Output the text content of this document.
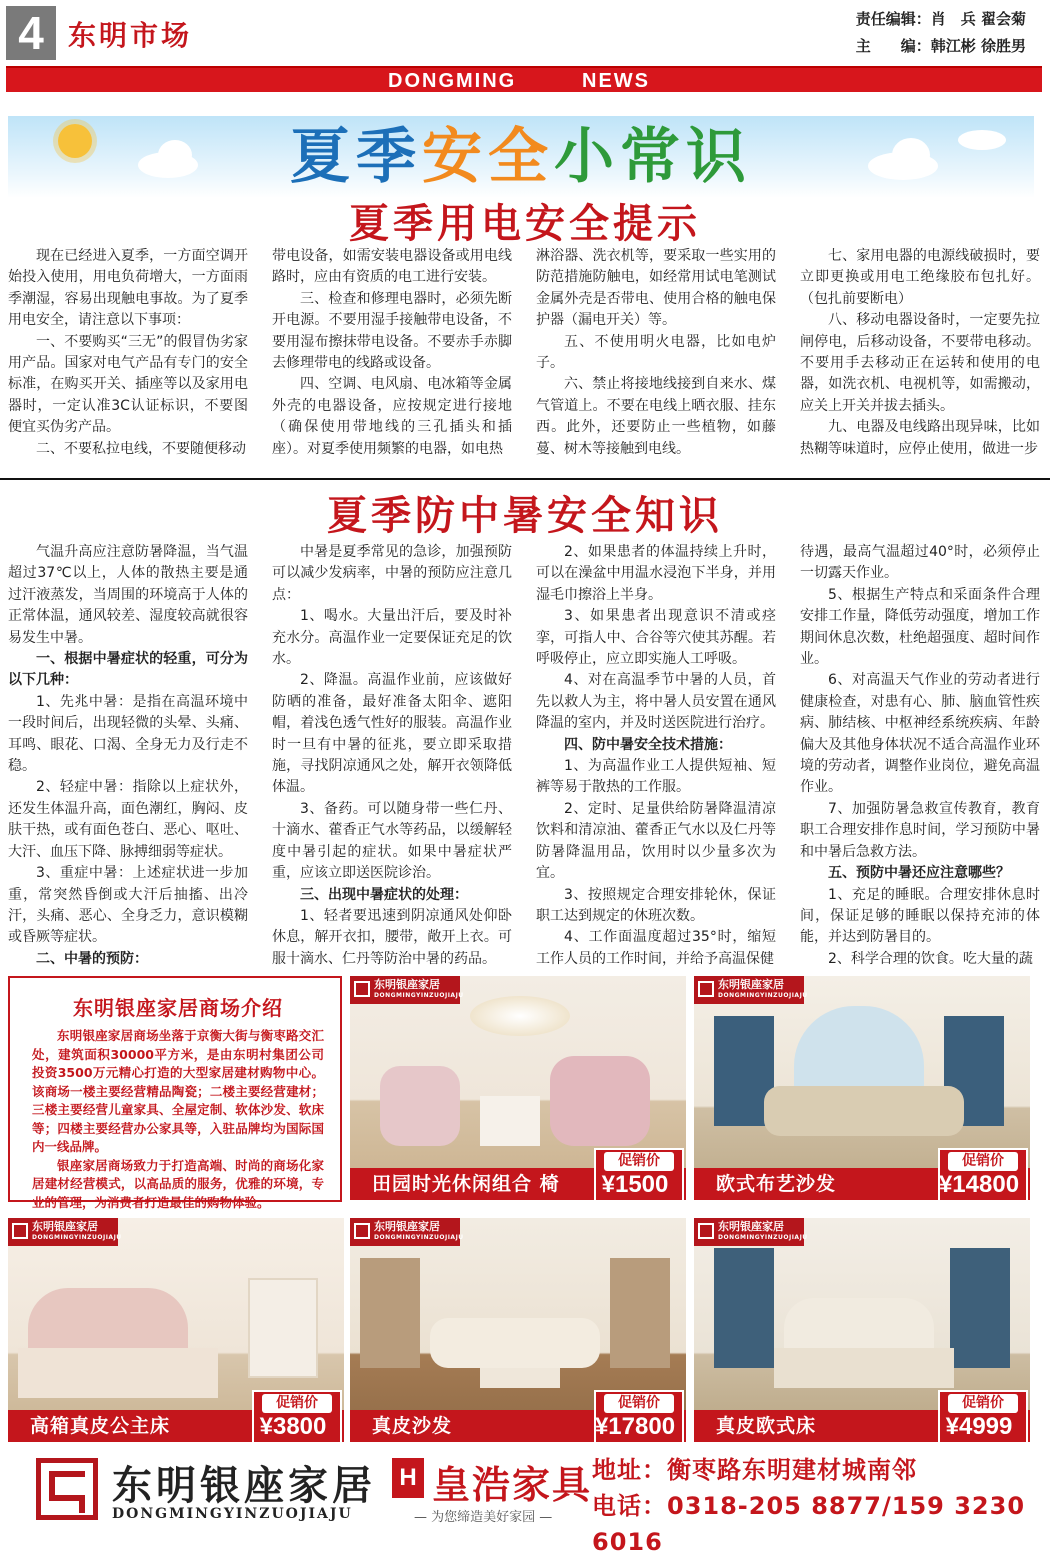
4 东明市场	责任编辑：肖　兵 翟会菊
主　　编：韩江彬 徐胜男
DONGMING	NEWS
夏季安全小常识
夏季用电安全提示

现在已经进入夏季，一方面空调开始投入使用，用电负荷增大，一方面雨季潮湿，容易出现触电事故。为了夏季用电安全，请注意以下事项：

一、不要购买“三无”的假冒伪劣家用产品。国家对电气产品有专门的安全标准，在购买开关、插座等以及家用电器时，一定认准3C认证标识，不要图便宜买伪劣产品。

二、不要私拉电线，不要随便移动

带电设备，如需安装电器设备或用电线路时，应由有资质的电工进行安装。

三、检查和修理电器时，必须先断开电源。不要用湿手接触带电设备，不要用湿布擦抹带电设备。不要赤手赤脚去修理带电的线路或设备。

四、空调、电风扇、电冰箱等金属外壳的电器设备，应按规定进行接地（确保使用带地线的三孔插头和插座）。对夏季使用频繁的电器，如电热

淋浴器、洗衣机等，要采取一些实用的防范措施防触电，如经常用试电笔测试金属外壳是否带电、使用合格的触电保护器（漏电开关）等。

五、不使用明火电器，比如电炉子。

六、禁止将接地线接到自来水、煤气管道上。不要在电线上晒衣服、挂东西。此外，还要防止一些植物，如藤蔓、树木等接触到电线。

七、家用电器的电源线破损时，要立即更换或用电工绝缘胶布包扎好。（包扎前要断电）

八、移动电器设备时，一定要先拉闸停电，后移动设备，不要带电移动。不要用手去移动正在运转和使用的电器，如洗衣机、电视机等，如需搬动，应关上开关并拔去插头。

九、电器及电线路出现异味，比如热糊等味道时，应停止使用，做进一步

夏季防中暑安全知识

气温升高应注意防暑降温，当气温超过37℃以上，人体的散热主要是通过汗液蒸发，当周围的环境高于人体的正常体温，通风较差、湿度较高就很容易发生中暑。

一、根据中暑症状的轻重，可分为以下几种：

1、先兆中暑：是指在高温环境中一段时间后，出现轻微的头晕、头痛、耳鸣、眼花、口渴、全身无力及行走不稳。

2、轻症中暑：指除以上症状外，还发生体温升高，面色潮红，胸闷、皮肤干热，或有面色苍白、恶心、呕吐、大汗、血压下降、脉搏细弱等症状。

3、重症中暑：上述症状进一步加重，常突然昏倒或大汗后抽搐、出冷汗，头痛、恶心、全身乏力，意识模糊或昏厥等症状。

二、中暑的预防：

中暑是夏季常见的急诊，加强预防可以减少发病率，中暑的预防应注意几点：

1、喝水。大量出汗后，要及时补充水分。高温作业一定要保证充足的饮水。

2、降温。高温作业前，应该做好防晒的准备，最好准备太阳伞、遮阳帽，着浅色透气性好的服装。高温作业时一旦有中暑的征兆，要立即采取措施，寻找阴凉通风之处，解开衣领降低体温。

3、备药。可以随身带一些仁丹、十滴水、藿香正气水等药品，以缓解轻度中暑引起的症状。如果中暑症状严重，应该立即送医院诊治。

三、出现中暑症状的处理：

1、轻者要迅速到阴凉通风处仰卧休息，解开衣扣，腰带，敞开上衣。可服十滴水、仁丹等防治中暑的药品。

2、如果患者的体温持续上升时，可以在澡盆中用温水浸泡下半身，并用湿毛巾擦浴上半身。

3、如果患者出现意识不清或痉挛，可指人中、合谷等穴使其苏醒。若呼吸停止，应立即实施人工呼吸。

4、对在高温季节中暑的人员，首先以救人为主，将中暑人员安置在通风降温的室内，并及时送医院进行治疗。

四、防中暑安全技术措施：

1、为高温作业工人提供短袖、短裤等易于散热的工作服。

2、定时、足量供给防暑降温清凉饮料和清凉油、藿香正气水以及仁丹等防暑降温用品，饮用时以少量多次为宜。

3、按照规定合理安排轮休，保证职工达到规定的休班次数。

4、工作面温度超过35°时，缩短工作人员的工作时间，并给予高温保健

待遇，最高气温超过40°时，必须停止一切露天作业。

5、根据生产特点和采面条件合理安排工作量，降低劳动强度，增加工作期间休息次数，杜绝超强度、超时间作业。

6、对高温天气作业的劳动者进行健康检查，对患有心、肺、脑血管性疾病、肺结核、中枢神经系统疾病、年龄偏大及其他身体状况不适合高温作业环境的劳动者，调整作业岗位，避免高温作业。

7、加强防暑急救宣传教育，教育职工合理安排作息时间，学习预防中暑和中暑后急救方法。

五、预防中暑还应注意哪些？

1、充足的睡眠。合理安排休息时间，保证足够的睡眠以保持充沛的体能，并达到防暑目的。

2、科学合理的饮食。吃大量的蔬

东明银座家居商场介绍

东明银座家居商场坐落于京衡大街与衡枣路交汇处，建筑面积30000平方米，是由东明村集团公司投资3500万元精心打造的大型家居建材购物中心。该商场一楼主要经营精品陶瓷；二楼主要经营建材；三楼主要经营儿童家具、全屋定制、软体沙发、软床等；四楼主要经营办公家具等，入驻品牌均为国际国内一线品牌。

银座家居商场致力于打造高端、时尚的商场化家居建材经营模式，以高品质的服务，优雅的环境，专业的管理，为消费者打造最佳的购物体验。

东明银座家居
DONGMINGYINZUOJIAJU
田园时光休闲组合 椅
促销价
¥1500
东明银座家居
DONGMINGYINZUOJIAJU
欧式布艺沙发
促销价
¥14800
东明银座家居
DONGMINGYINZUOJIAJU
高箱真皮公主床
促销价
¥3800
东明银座家居
DONGMINGYINZUOJIAJU
真皮沙发
促销价
¥17800
东明银座家居
DONGMINGYINZUOJIAJU
真皮欧式床
促销价
¥4999
东明银座家居
DONGMINGYINZUOJIAJU
H 皇浩家具
— 为您缔造美好家园 —
地址：衡枣路东明建材城南邻
电话：0318-205 8877/159 3230 6016
